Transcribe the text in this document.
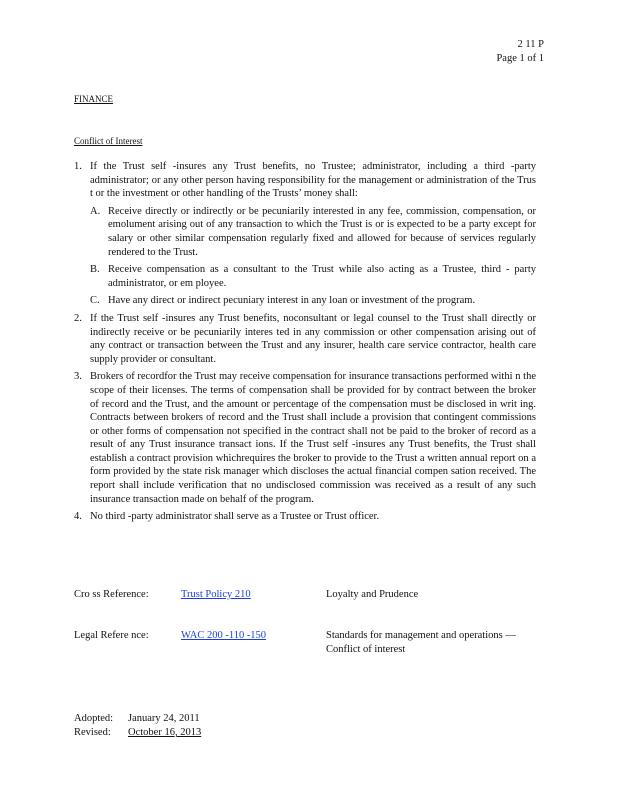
2 11 P
Page 1 of 1
FINANCE
Conflict of Interest
1. If the Trust self -insures any Trust benefits, no Trustee; administrator, including a third -party administrator; or any other person having responsibility for the management or administration of the Trus t or the investment or other handling of the Trusts’ money shall:
A. Receive directly or indirectly or be pecuniarily interested in any fee, commission, compensation, or emolument arising out of any transaction to which the Trust is or is expected to be a party except for salary or other similar compensation regularly fixed and allowed for because of services regularly rendered to the Trust.
B. Receive compensation as a consultant to the Trust while also acting as a Trustee, third - party administrator, or em ployee.
C. Have any direct or indirect pecuniary interest in any loan or investment of the program.
2. If the Trust self -insures any Trust benefits, noconsultant or legal counsel to the Trust shall directly or indirectly receive or be pecuniarily interes ted in any commission or other compensation arising out of any contract or transaction between the Trust and any insurer, health care service contractor, health care supply provider or consultant.
3. Brokers of recordfor the Trust may receive compensation for insurance transactions performed withi n the scope of their licenses. The terms of compensation shall be provided for by contract between the broker of record and the Trust, and the amount or percentage of the compensation must be disclosed in writ ing. Contracts between brokers of record and the Trust shall include a provision that contingent commissions or other forms of compensation not specified in the contract shall not be paid to the broker of record as a result of any Trust insurance transact ions. If the Trust self -insures any Trust benefits, the Trust shall establish a contract provision whichrequires the broker to provide to the Trust a written annual report on a form provided by the state risk manager which discloses the actual financial compen sation received. The report shall include verification that no undisclosed commission was received as a result of any such insurance transaction made on behalf of the program.
4. No third -party administrator shall serve as a Trustee or Trust officer.
Cro ss Reference:	Trust Policy 210	Loyalty and Prudence
Legal Refere nce:	WAC 200 -110 -150	Standards for management and operations —
Conflict of interest
Adopted:	January 24, 2011
Revised:	October 16, 2013
